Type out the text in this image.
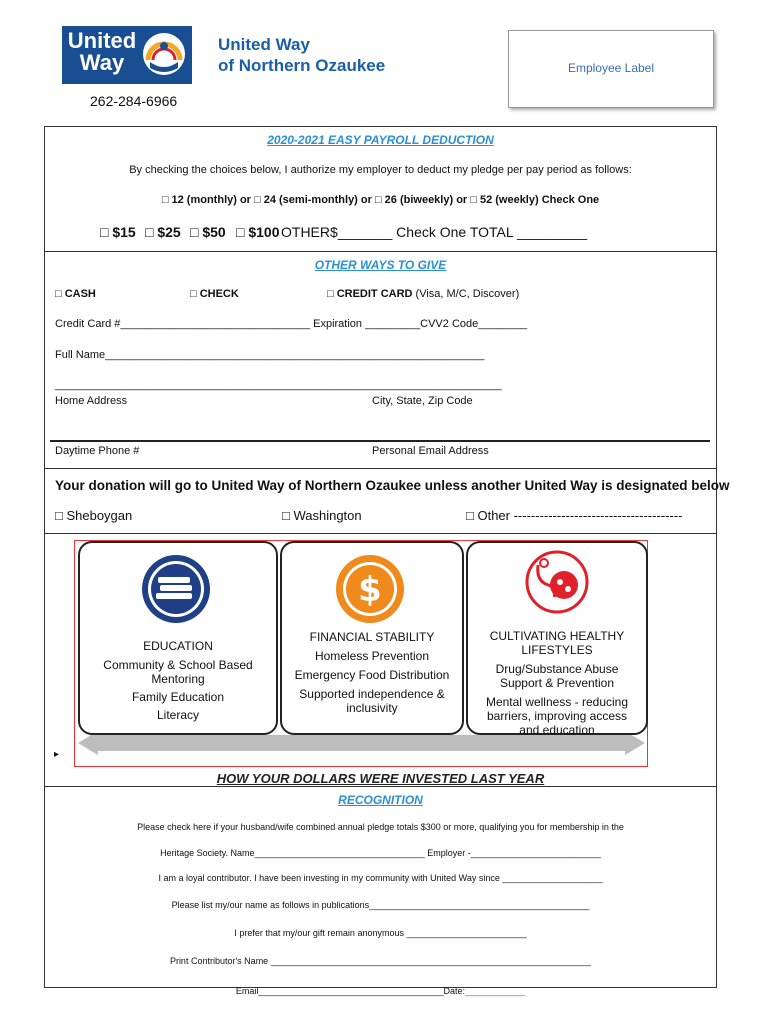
United
Way
United Way
of Northern Ozaukee
262-284-6966
Employee Label
2020-2021 EASY PAYROLL DEDUCTION
By checking the choices below, I authorize my employer to deduct my pledge per pay period as follows:
□ 12 (monthly) or □ 24 (semi-monthly) or □ 26 (biweekly) or □ 52 (weekly) Check One
□ $15 □ $25 □ $50 □ $100 OTHER$_______ Check One TOTAL _________
OTHER WAYS TO GIVE
□ CASH	□ CHECK	□ CREDIT CARD (Visa, M/C, Discover)
Credit Card #_______________________________ Expiration _________CVV2 Code________
Full Name______________________________________________________________
_________________________________________________________________________
Home Address	City, State, Zip Code
Daytime Phone #	Personal Email Address
Your donation will go to United Way of Northern Ozaukee unless another United Way is designated below
□ Sheboygan	□ Washington	□ Other ---------------------------------------
EDUCATION
Community & School Based
Mentoring
Family Education
Literacy
$
FINANCIAL STABILITY
Homeless Prevention
Emergency Food Distribution
Supported independence &
inclusivity
CULTIVATING HEALTHY
LIFESTYLES
Drug/Substance Abuse
Support & Prevention
Mental wellness - reducing
barriers, improving access
and education
▸
HOW YOUR DOLLARS WERE INVESTED LAST YEAR
RECOGNITION
Please check here if your husband/wife combined annual pledge totals $300 or more, qualifying you for membership in the
Heritage Society. Name__________________________________ Employer -__________________________
I am a loyal contributor. I have been investing in my community with United Way since ____________________
Please list my/our name as follows in publications____________________________________________
I prefer that my/our gift remain anonymous ________________________
Print Contributor's Name ________________________________________________________________
Email_____________________________________Date:____________
